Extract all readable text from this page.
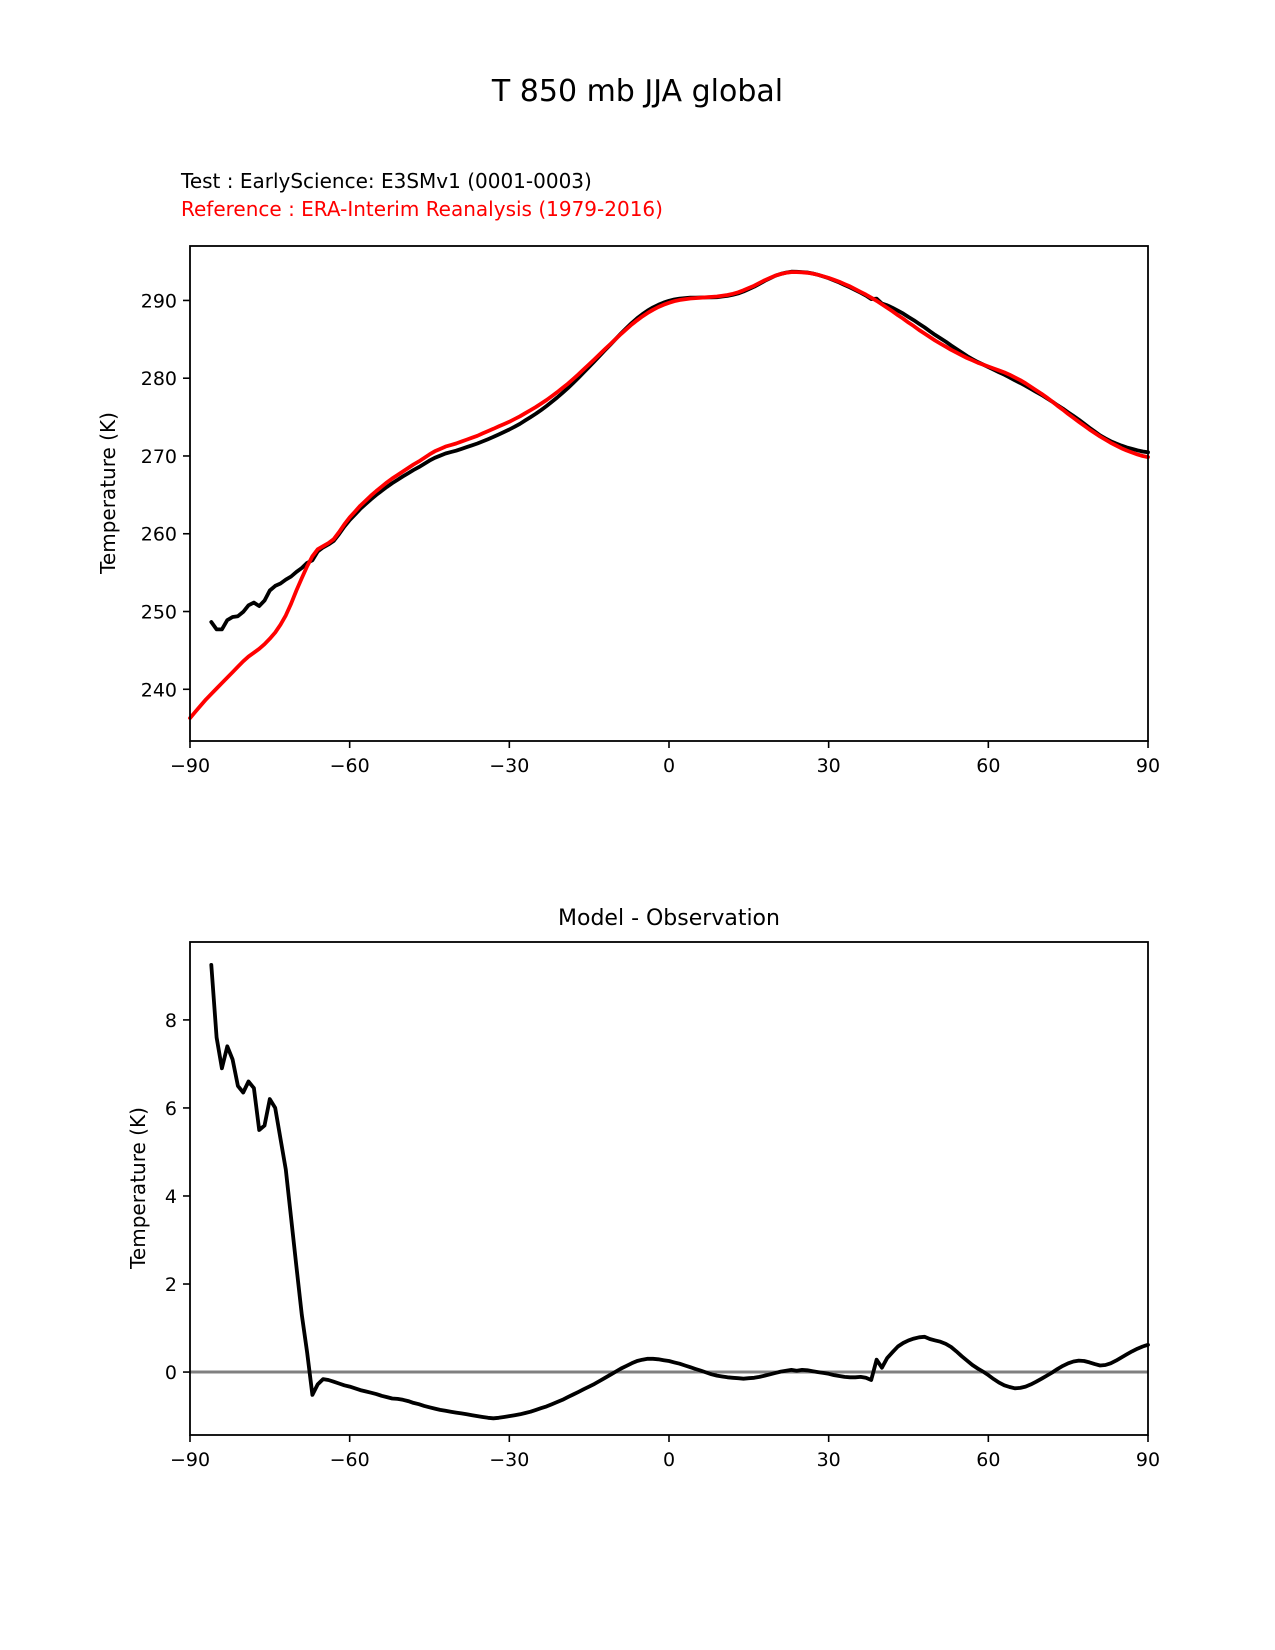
T 850 mb JJA global
Test : EarlyScience: E3SMv1 (0001-0003)
Reference : ERA-Interim Reanalysis (1979-2016)
Temperature (K)
Temperature (K)
Model - Observation
−90	−60	−30	0	30	60	90
240
250
260
270
280
290
−90	−60	−30	0	30	60	90
0
2
4
6
8
